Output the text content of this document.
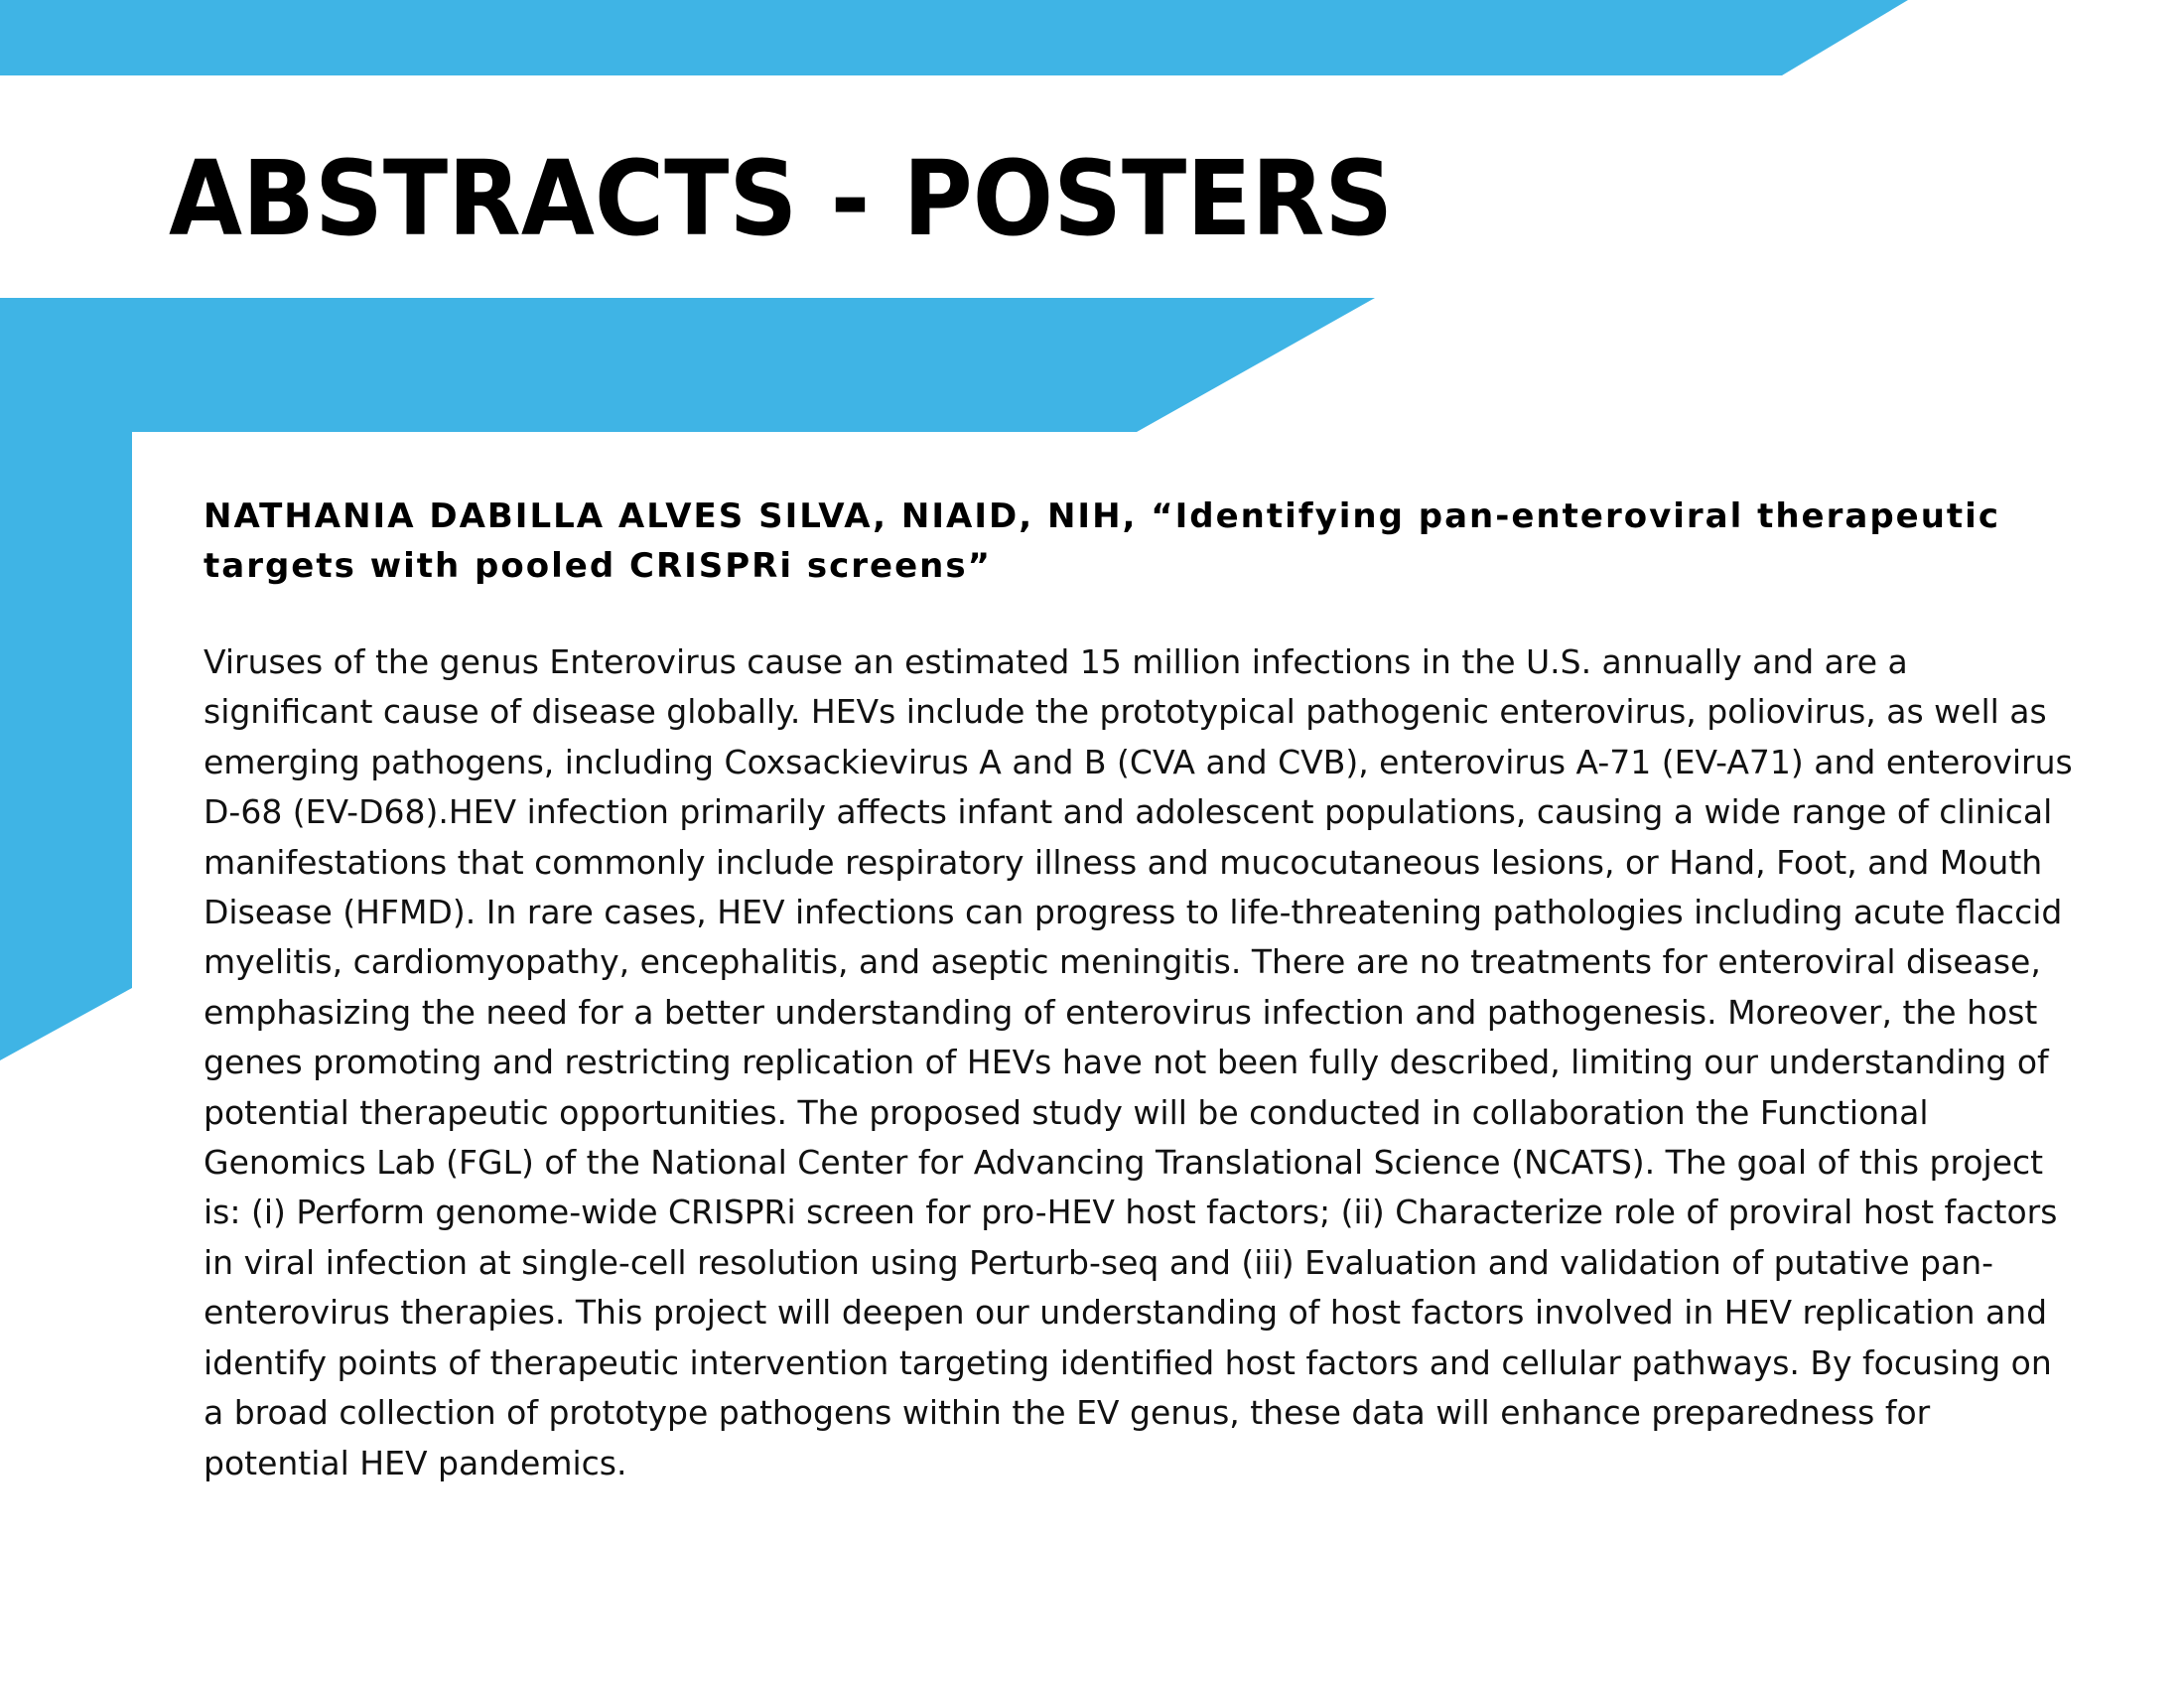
ABSTRACTS - POSTERS
NATHANIA DABILLA ALVES SILVA, NIAID, NIH, “Identifying pan-enteroviral therapeutic targets with pooled CRISPRi screens”

Viruses of the genus Enterovirus cause an estimated 15 million infections in the U.S. annually and are a significant cause of disease globally. HEVs include the prototypical pathogenic enterovirus, poliovirus, as well as emerging pathogens, including Coxsackievirus A and B (CVA and CVB), enterovirus A-71 (EV-A71) and enterovirus D-68 (EV-D68).HEV infection primarily affects infant and adolescent populations, causing a wide range of clinical manifestations that commonly include respiratory illness and mucocutaneous lesions, or Hand, Foot, and Mouth Disease (HFMD). In rare cases, HEV infections can progress to life-threatening pathologies including acute flaccid myelitis, cardiomyopathy, encephalitis, and aseptic meningitis. There are no treatments for enteroviral disease, emphasizing the need for a better understanding of enterovirus infection and pathogenesis. Moreover, the host genes promoting and restricting replication of HEVs have not been fully described, limiting our understanding of potential therapeutic opportunities. The proposed study will be conducted in collaboration the Functional Genomics Lab (FGL) of the National Center for Advancing Translational Science (NCATS). The goal of this project is: (i) Perform genome-wide CRISPRi screen for pro-HEV host factors; (ii) Characterize role of proviral host factors in viral infection at single-cell resolution using Perturb-seq and (iii) Evaluation and validation of putative pan-enterovirus therapies. This project will deepen our understanding of host factors involved in HEV replication and identify points of therapeutic intervention targeting identified host factors and cellular pathways. By focusing on a broad collection of prototype pathogens within the EV genus, these data will enhance preparedness for potential HEV pandemics.
